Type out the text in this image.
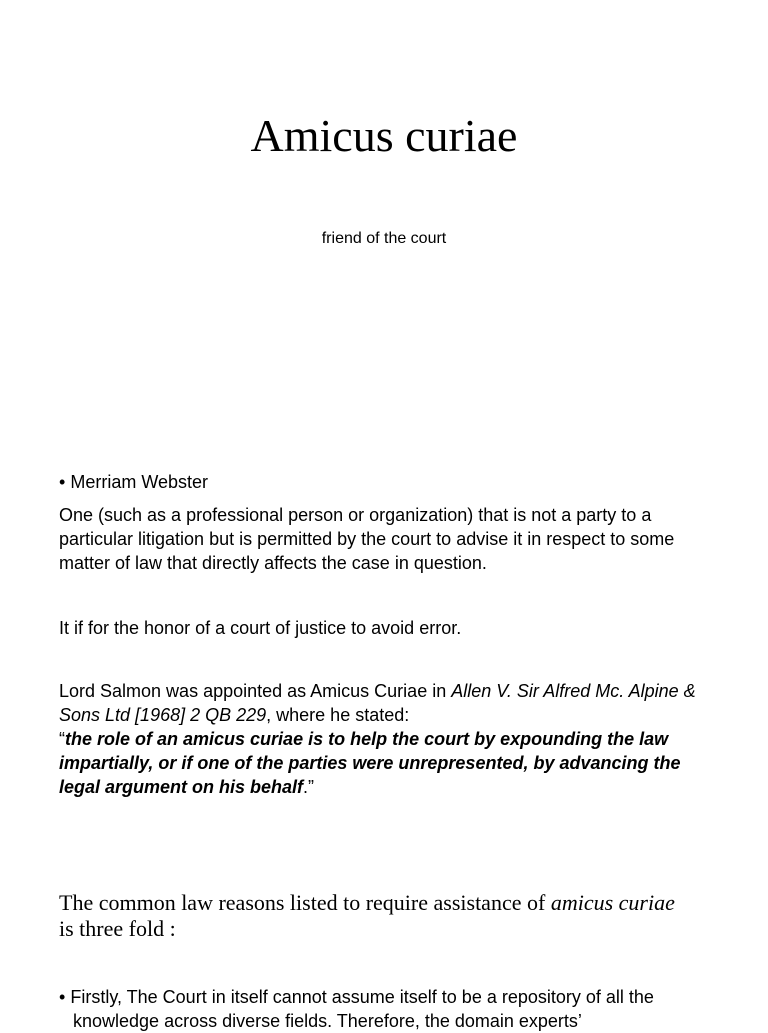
Amicus curiae
friend of the court
• Merriam Webster

One (such as a professional person or organization) that is not a party to a particular litigation but is permitted by the court to advise it in respect to some matter of law that directly affects the case in question.

It if for the honor of a court of justice to avoid error.

Lord Salmon was appointed as Amicus Curiae in Allen V. Sir Alfred Mc. Alpine & Sons Ltd [1968] 2 QB 229, where he stated:
“the role of an amicus curiae is to help the court by expounding the law impartially, or if one of the parties were unrepresented, by advancing the legal argument on his behalf.”

The common law reasons listed to require assistance of amicus curiae is three fold :

• Firstly, The Court in itself cannot assume itself to be a repository of all the knowledge across diverse fields. Therefore, the domain experts’
